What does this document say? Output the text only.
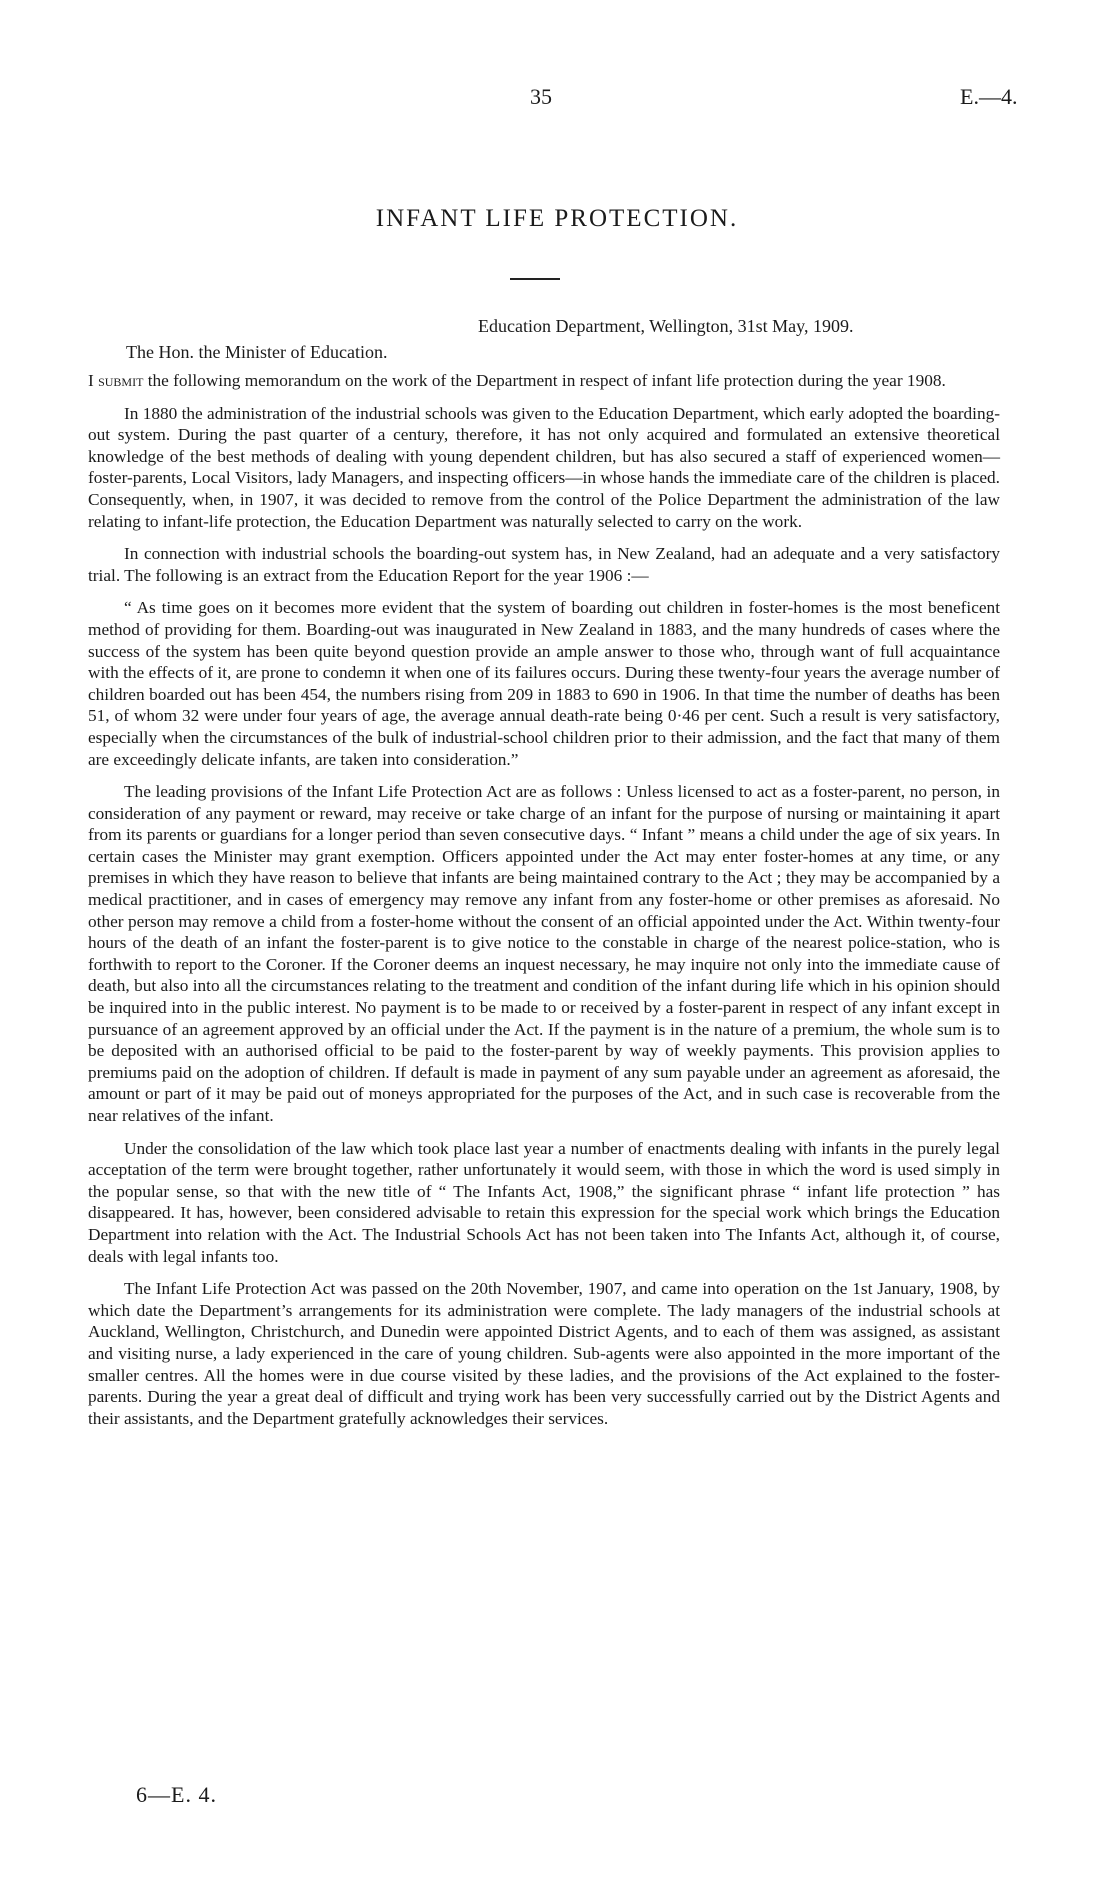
35	E.—4.
INFANT LIFE PROTECTION.
Education Department, Wellington, 31st May, 1909.
The Hon. the Minister of Education.

I submit the following memorandum on the work of the Department in respect of infant life protection during the year 1908.

In 1880 the administration of the industrial schools was given to the Education Department, which early adopted the boarding-out system. During the past quarter of a century, therefore, it has not only acquired and formulated an extensive theoretical knowledge of the best methods of dealing with young dependent children, but has also secured a staff of experienced women—foster-parents, Local Visitors, lady Managers, and inspecting officers—in whose hands the immediate care of the children is placed. Consequently, when, in 1907, it was decided to remove from the control of the Police Department the administration of the law relating to infant-life protection, the Education Department was naturally selected to carry on the work.

In connection with industrial schools the boarding-out system has, in New Zealand, had an adequate and a very satisfactory trial. The following is an extract from the Education Report for the year 1906 :—

“ As time goes on it becomes more evident that the system of boarding out children in foster-homes is the most beneficent method of providing for them. Boarding-out was inaugurated in New Zealand in 1883, and the many hundreds of cases where the success of the system has been quite beyond question provide an ample answer to those who, through want of full acquaintance with the effects of it, are prone to condemn it when one of its failures occurs. During these twenty-four years the average number of children boarded out has been 454, the numbers rising from 209 in 1883 to 690 in 1906. In that time the number of deaths has been 51, of whom 32 were under four years of age, the average annual death-rate being 0·46 per cent. Such a result is very satisfactory, especially when the circumstances of the bulk of industrial-school children prior to their admission, and the fact that many of them are exceedingly delicate infants, are taken into consideration.”

The leading provisions of the Infant Life Protection Act are as follows : Unless licensed to act as a foster-parent, no person, in consideration of any payment or reward, may receive or take charge of an infant for the purpose of nursing or maintaining it apart from its parents or guardians for a longer period than seven consecutive days. “ Infant ” means a child under the age of six years. In certain cases the Minister may grant exemption. Officers appointed under the Act may enter foster-homes at any time, or any premises in which they have reason to believe that infants are being maintained contrary to the Act ; they may be accompanied by a medical practitioner, and in cases of emergency may remove any infant from any foster-home or other premises as aforesaid. No other person may remove a child from a foster-home without the consent of an official appointed under the Act. Within twenty-four hours of the death of an infant the foster-parent is to give notice to the constable in charge of the nearest police-station, who is forthwith to report to the Coroner. If the Coroner deems an inquest necessary, he may inquire not only into the immediate cause of death, but also into all the circumstances relating to the treatment and condition of the infant during life which in his opinion should be inquired into in the public interest. No payment is to be made to or received by a foster-parent in respect of any infant except in pursuance of an agreement approved by an official under the Act. If the payment is in the nature of a premium, the whole sum is to be deposited with an authorised official to be paid to the foster-parent by way of weekly payments. This provision applies to premiums paid on the adoption of children. If default is made in payment of any sum payable under an agreement as aforesaid, the amount or part of it may be paid out of moneys appropriated for the purposes of the Act, and in such case is recoverable from the near relatives of the infant.

Under the consolidation of the law which took place last year a number of enactments dealing with infants in the purely legal acceptation of the term were brought together, rather unfortunately it would seem, with those in which the word is used simply in the popular sense, so that with the new title of “ The Infants Act, 1908,” the significant phrase “ infant life protection ” has disappeared. It has, however, been considered advisable to retain this expression for the special work which brings the Education Department into relation with the Act. The Industrial Schools Act has not been taken into The Infants Act, although it, of course, deals with legal infants too.

The Infant Life Protection Act was passed on the 20th November, 1907, and came into operation on the 1st January, 1908, by which date the Department’s arrangements for its administration were complete. The lady managers of the industrial schools at Auckland, Wellington, Christchurch, and Dunedin were appointed District Agents, and to each of them was assigned, as assistant and visiting nurse, a lady experienced in the care of young children. Sub-agents were also appointed in the more important of the smaller centres. All the homes were in due course visited by these ladies, and the provisions of the Act explained to the foster-parents. During the year a great deal of difficult and trying work has been very successfully carried out by the District Agents and their assistants, and the Department gratefully acknowledges their services.

6—E. 4.
